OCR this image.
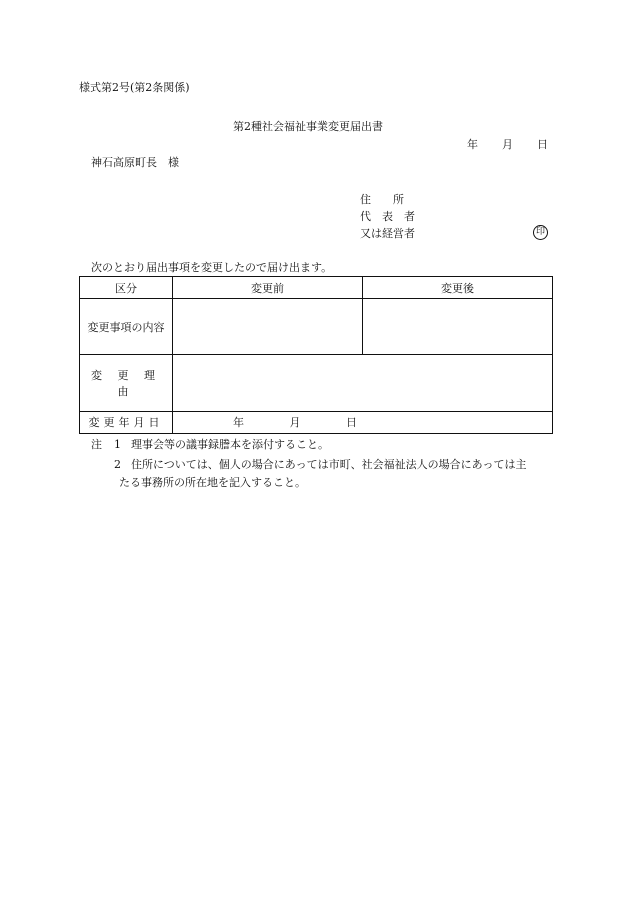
様式第2号(第2条関係)
第2種社会福祉事業変更届出書
年 月 日
神石高原町長　様
住　　所
代　表　者
又は経営者	印
次のとおり届出事項を変更したので届け出ます。
区分	変更前	変更後
変更事項の内容		
変 更 理 由		
変更年月日	年 月 日	
注 1 理事会等の議事録謄本を添付すること。
2 住所については、個人の場合にあっては市町、社会福祉法人の場合にあっては主
たる事務所の所在地を記入すること。
